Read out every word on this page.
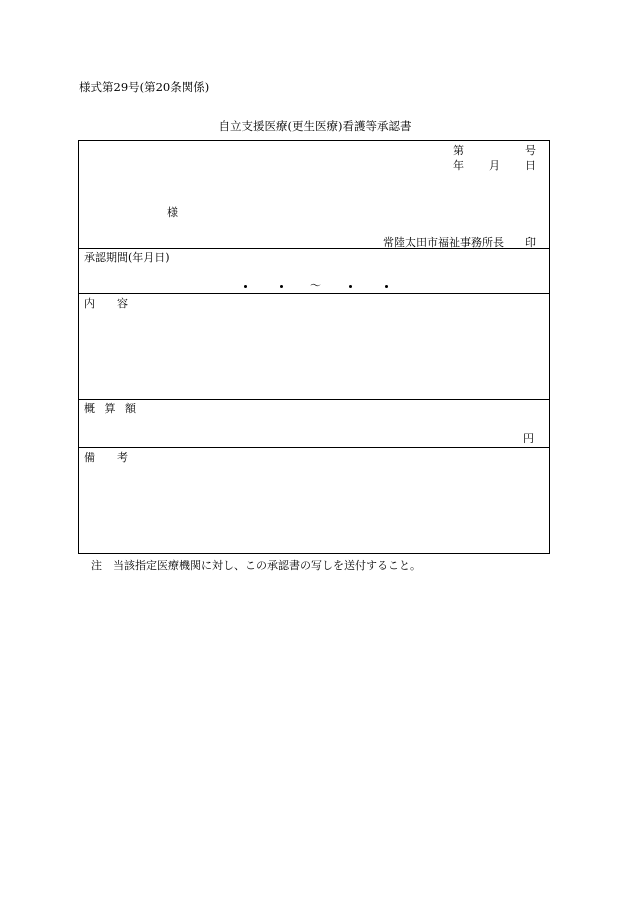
様式第29号(第20条関係)
自立支援医療(更生医療)看護等承認書
第	号
年 月 日
様
常陸太田市福祉事務所長 印
承認期間(年月日)
〜
内　　容
概 算 額
円
備　　考
注　当該指定医療機関に対し、この承認書の写しを送付すること。
